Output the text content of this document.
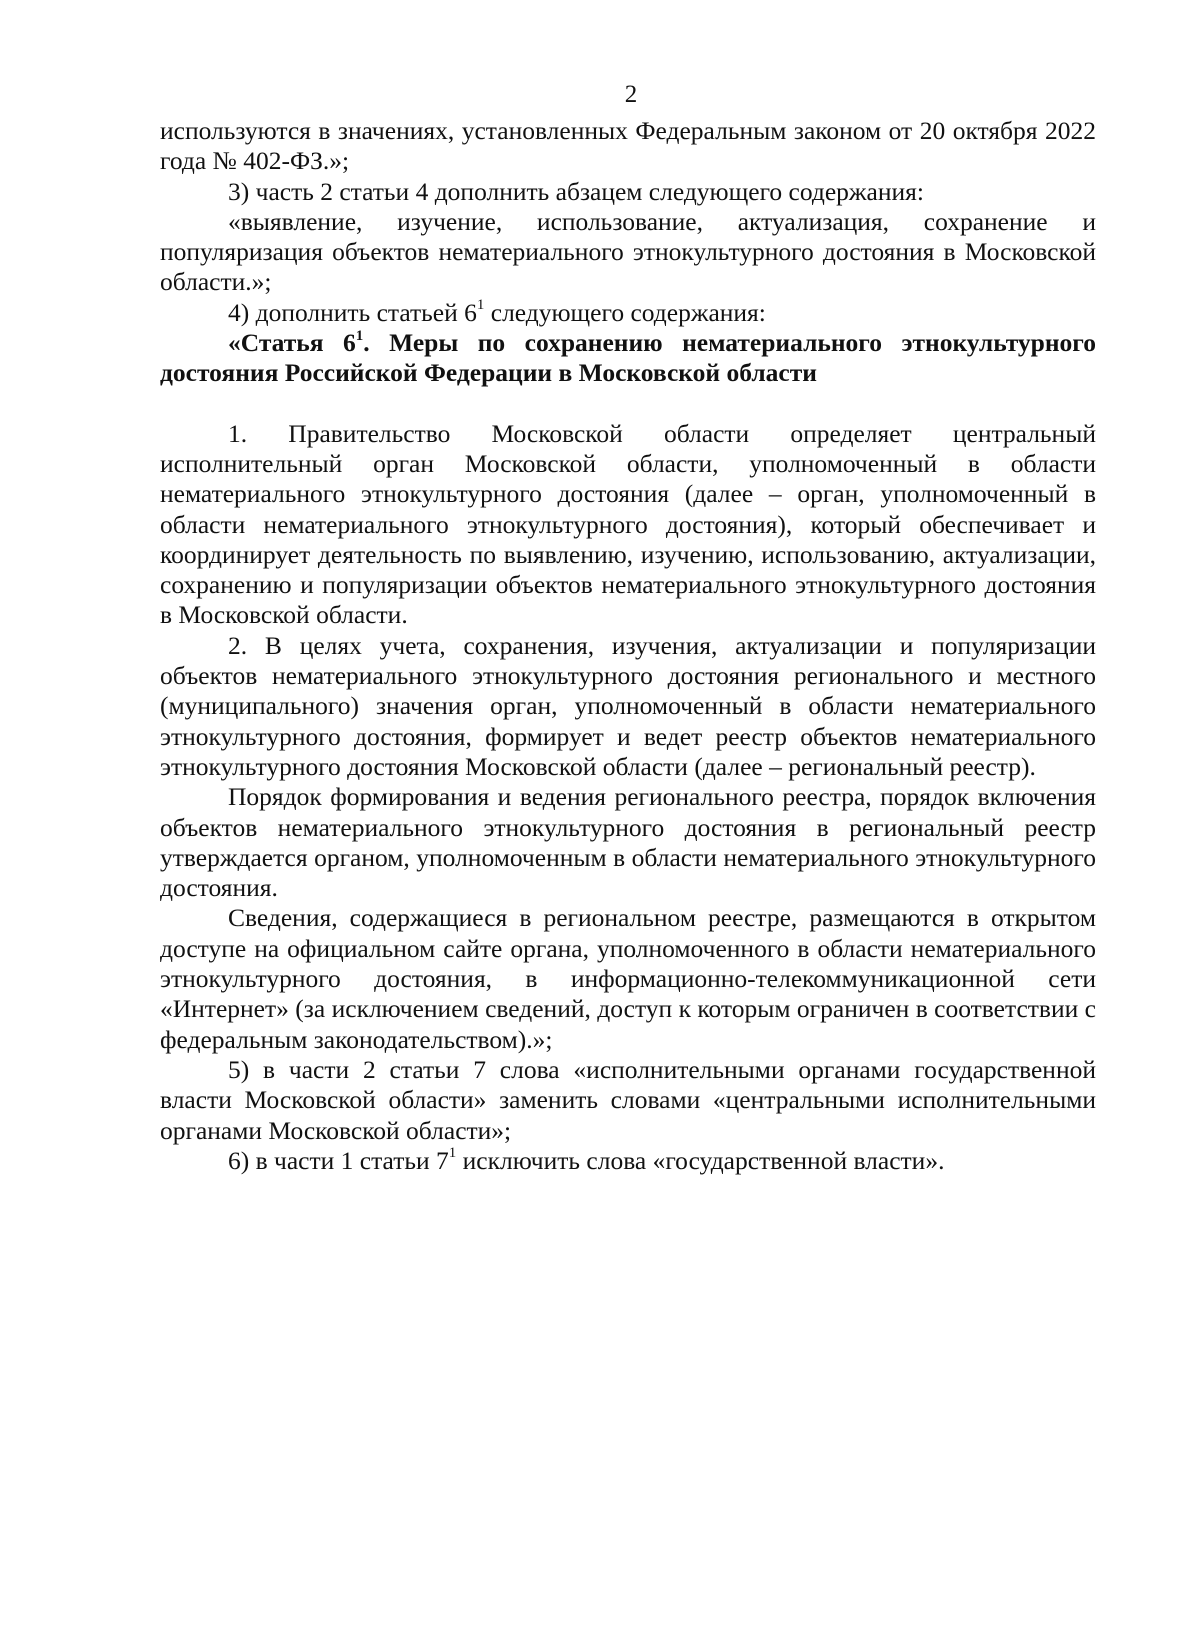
2

используются в значениях, установленных Федеральным законом от 20 октября 2022 года № 402-ФЗ.»;

3) часть 2 статьи 4 дополнить абзацем следующего содержания:

«выявление, изучение, использование, актуализация, сохранение и популяризация объектов нематериального этнокультурного достояния в Московской области.»;

4) дополнить статьей $6^1$ следующего содержания:

«Статья $6^1$. Меры по сохранению нематериального этнокультурного достояния Российской Федерации в Московской области

1. Правительство Московской области определяет центральный исполнительный орган Московской области, уполномоченный в области нематериального этнокультурного достояния (далее – орган, уполномоченный в области нематериального этнокультурного достояния), который обеспечивает и координирует деятельность по выявлению, изучению, использованию, актуализации, сохранению и популяризации объектов нематериального этнокультурного достояния в Московской области.

2. В целях учета, сохранения, изучения, актуализации и популяризации объектов нематериального этнокультурного достояния регионального и местного (муниципального) значения орган, уполномоченный в области нематериального этнокультурного достояния, формирует и ведет реестр объектов нематериального этнокультурного достояния Московской области (далее – региональный реестр).

Порядок формирования и ведения регионального реестра, порядок включения объектов нематериального этнокультурного достояния в региональный реестр утверждается органом, уполномоченным в области нематериального этнокультурного достояния.

Сведения, содержащиеся в региональном реестре, размещаются в открытом доступе на официальном сайте органа, уполномоченного в области нематериального этнокультурного достояния, в информационно-телекоммуникационной сети «Интернет» (за исключением сведений, доступ к которым ограничен в соответствии с федеральным законодательством).»;

5) в части 2 статьи 7 слова «исполнительными органами государственной власти Московской области» заменить словами «центральными исполнительными органами Московской области»;

6) в части 1 статьи $7^1$ исключить слова «государственной власти».
